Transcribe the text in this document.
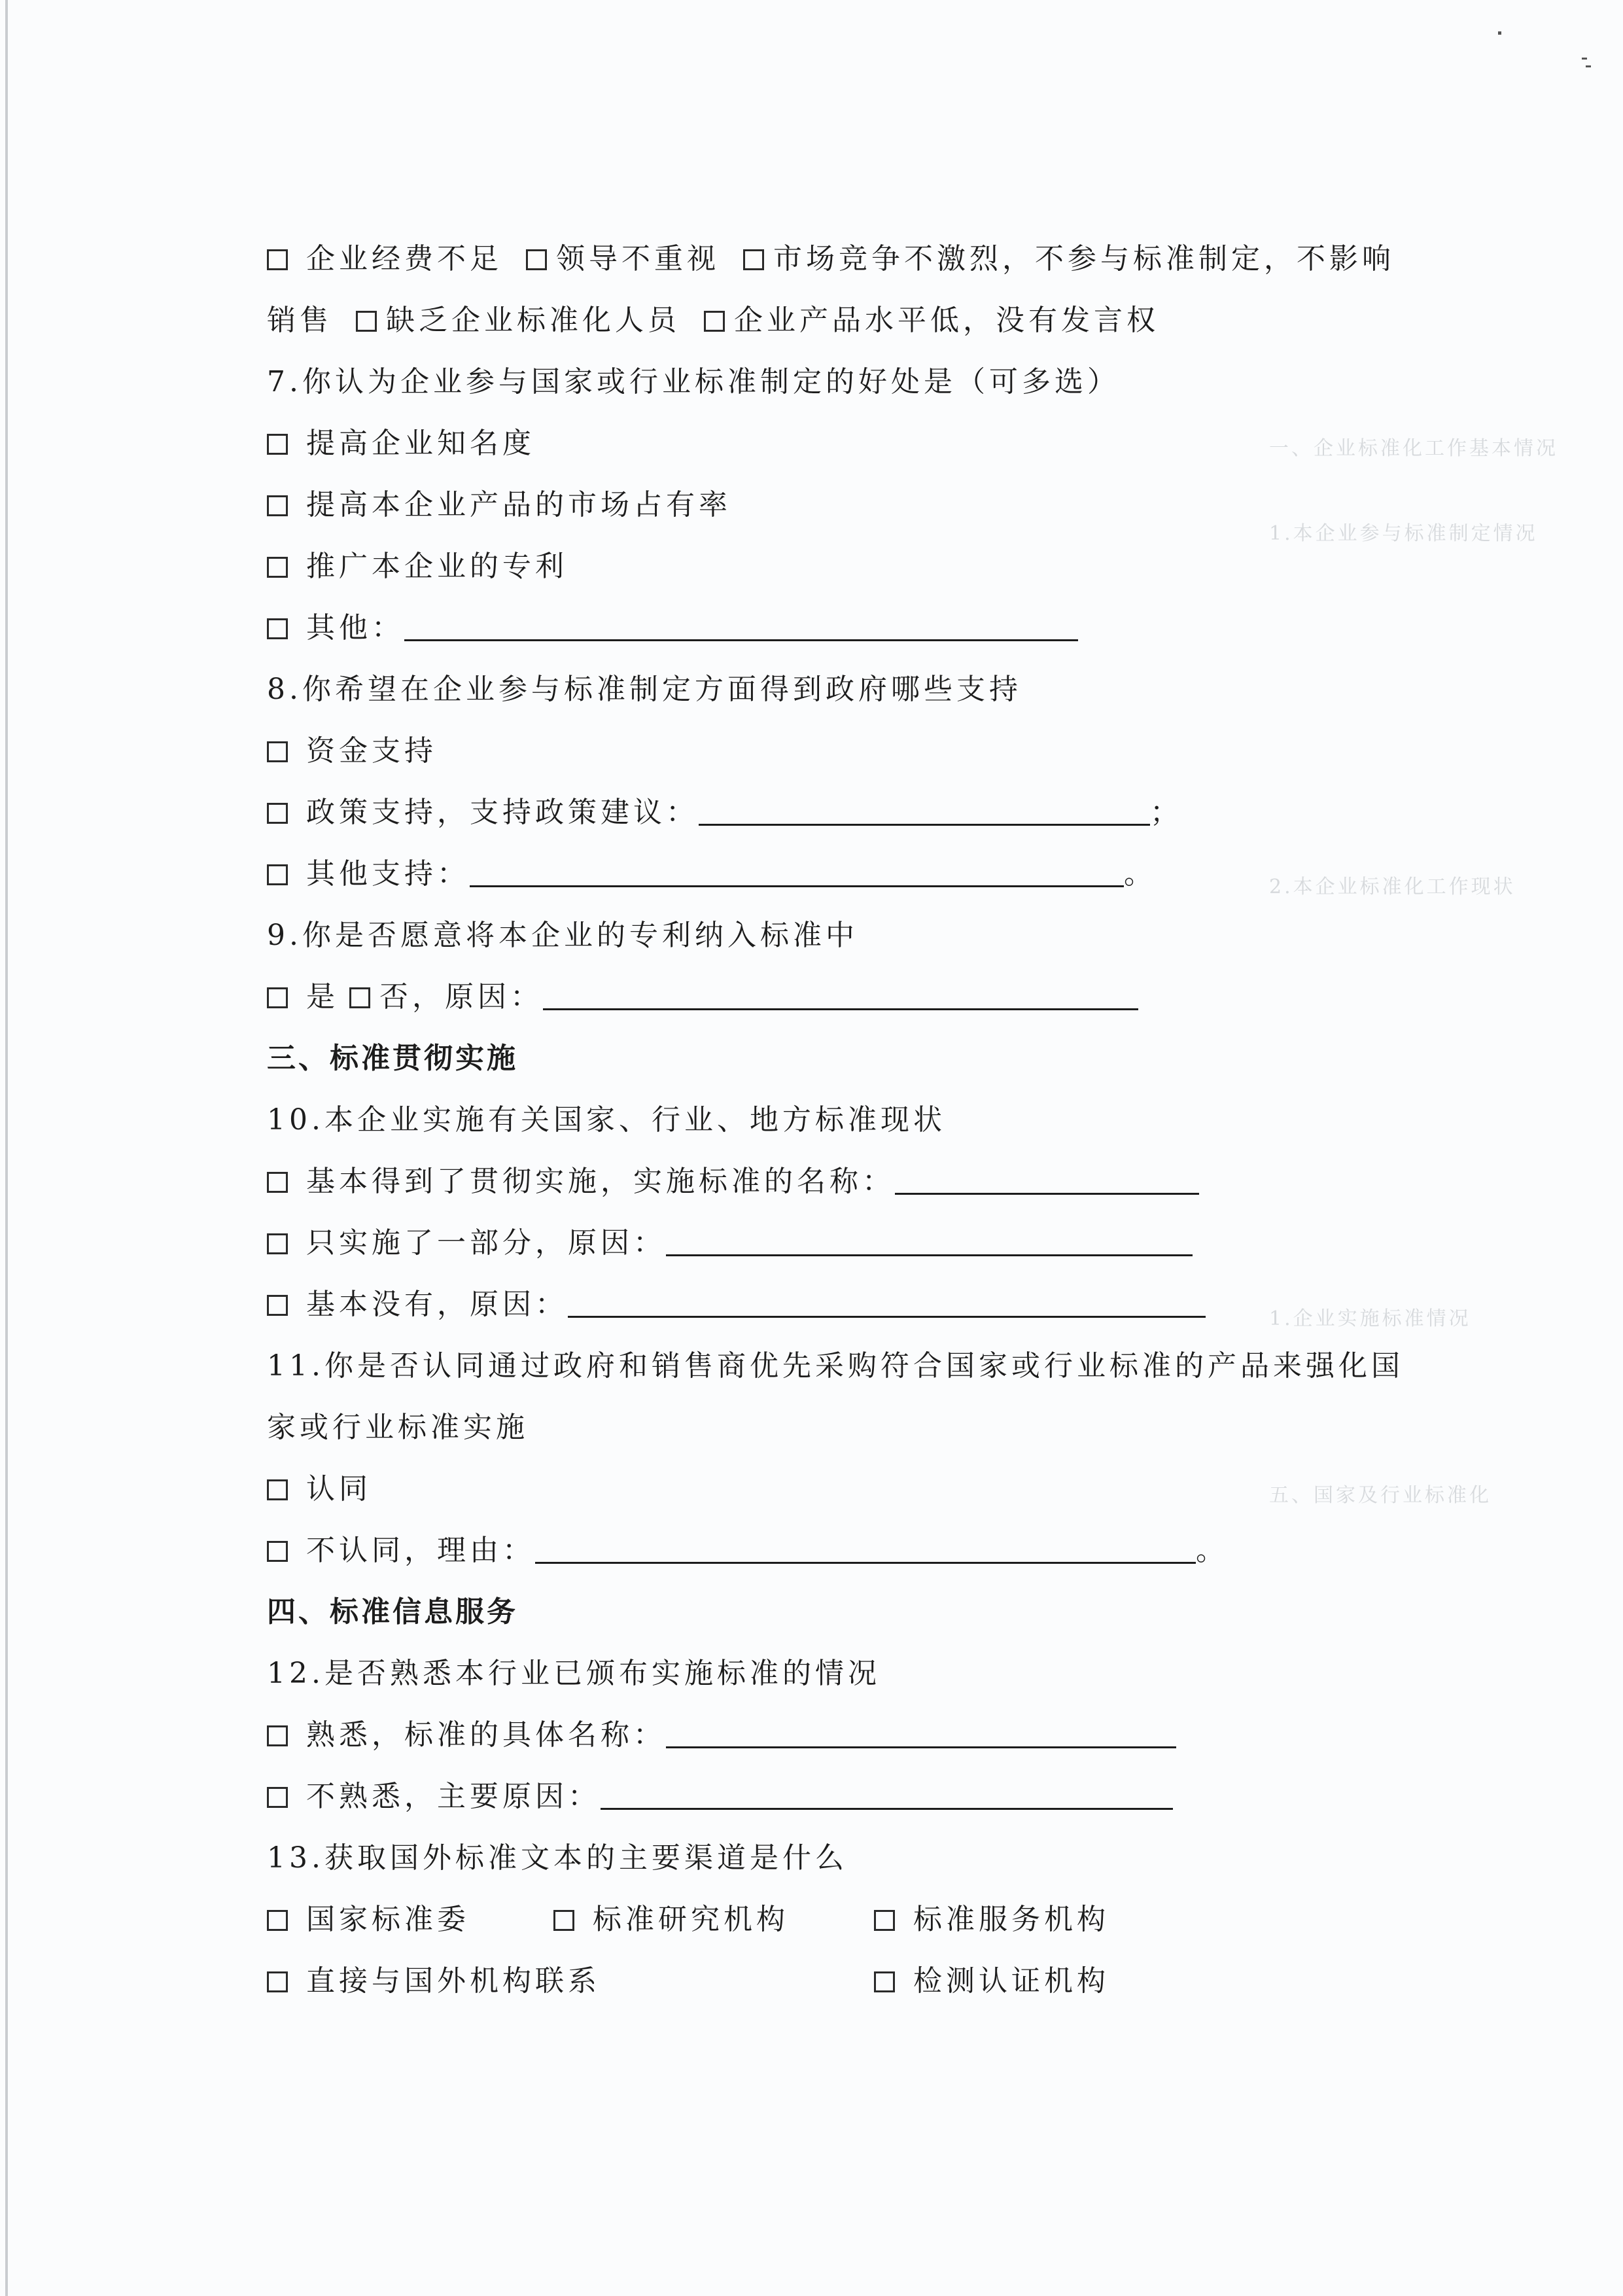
一、企业标准化工作基本情况
1.本企业参与标准制定情况
2.本企业标准化工作现状
1.企业实施标准情况
五、国家及行业标准化
企业经费不足 领导不重视 市场竞争不激烈，不参与标准制定，不影响
销售 缺乏企业标准化人员 企业产品水平低，没有发言权
7.你认为企业参与国家或行业标准制定的好处是（可多选）
提高企业知名度
提高本企业产品的市场占有率
推广本企业的专利
其他：
8.你希望在企业参与标准制定方面得到政府哪些支持
资金支持
政策支持，支持政策建议：	；
其他支持：	。
9.你是否愿意将本企业的专利纳入标准中
是 否，原因：
三、标准贯彻实施
10.本企业实施有关国家、行业、地方标准现状
基本得到了贯彻实施，实施标准的名称：
只实施了一部分，原因：
基本没有，原因：
11.你是否认同通过政府和销售商优先采购符合国家或行业标准的产品来强化国
家或行业标准实施
认同
不认同，理由：	。
四、标准信息服务
12.是否熟悉本行业已颁布实施标准的情况
熟悉，标准的具体名称：
不熟悉，主要原因：
13.获取国外标准文本的主要渠道是什么
国家标准委	标准研究机构	标准服务机构
直接与国外机构联系	检测认证机构
